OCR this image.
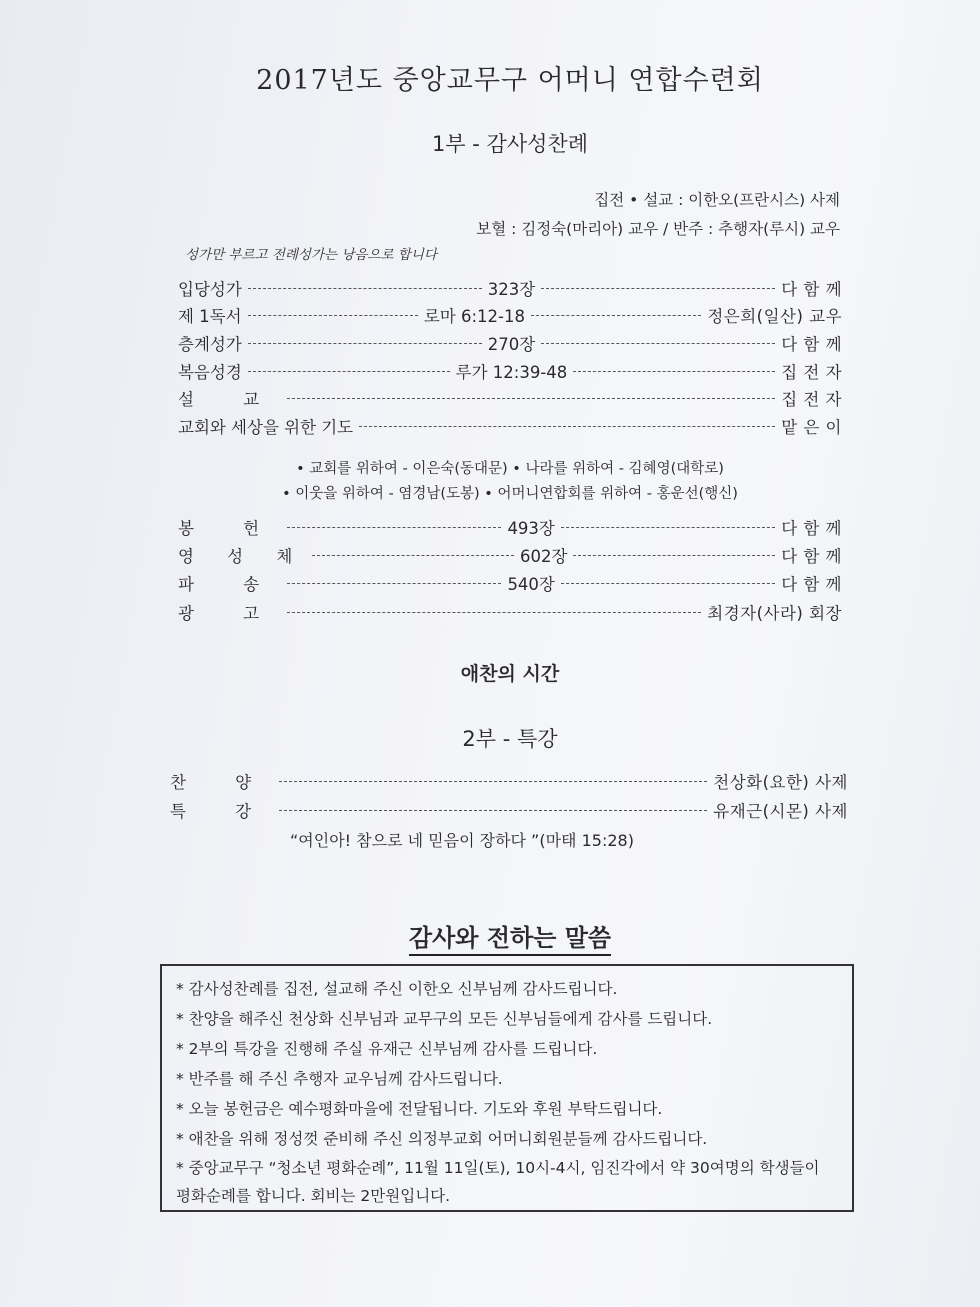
2017년도 중앙교무구 어머니 연합수련회
1부 - 감사성찬례
집전 • 설교 : 이한오(프란시스) 사제
보혈 : 김정숙(마리아) 교우 / 반주 : 추행자(루시) 교우
성가만 부르고 전례성가는 낭음으로 합니다
입당성가	323장	다 함 께
제 1독서	로마 6:12-18	정은희(일산) 교우
층계성가	270장	다 함 께
복음성경	루가 12:39-48	집 전 자
설 교	집 전 자
교회와 세상을 위한 기도	맡 은 이
• 교회를 위하여 - 이은숙(동대문) • 나라를 위하여 - 김혜영(대학로)
• 이웃을 위하여 - 염경남(도봉) • 어머니연합회를 위하여 - 홍운선(행신)
봉 헌	493장	다 함 께
영 성 체	602장	다 함 께
파 송	540장	다 함 께
광 고	최경자(사라) 회장
애찬의 시간
2부 - 특강
찬 양	천상화(요한) 사제
특 강	유재근(시몬) 사제
“여인아! 참으로 네 믿음이 장하다 ”(마태 15:28)
감사와 전하는 말씀
* 감사성찬례를 집전, 설교해 주신 이한오 신부님께 감사드립니다.
* 찬양을 해주신 천상화 신부님과 교무구의 모든 신부님들에게 감사를 드립니다.
* 2부의 특강을 진행해 주실 유재근 신부님께 감사를 드립니다.
* 반주를 해 주신 추행자 교우님께 감사드립니다.
* 오늘 봉헌금은 예수평화마을에 전달됩니다. 기도와 후원 부탁드립니다.
* 애찬을 위해 정성껏 준비해 주신 의정부교회 어머니회원분들께 감사드립니다.
* 중앙교무구 “청소년 평화순례”, 11월 11일(토), 10시-4시, 임진각에서 약 30여명의 학생들이 평화순례를 합니다. 회비는 2만원입니다.
